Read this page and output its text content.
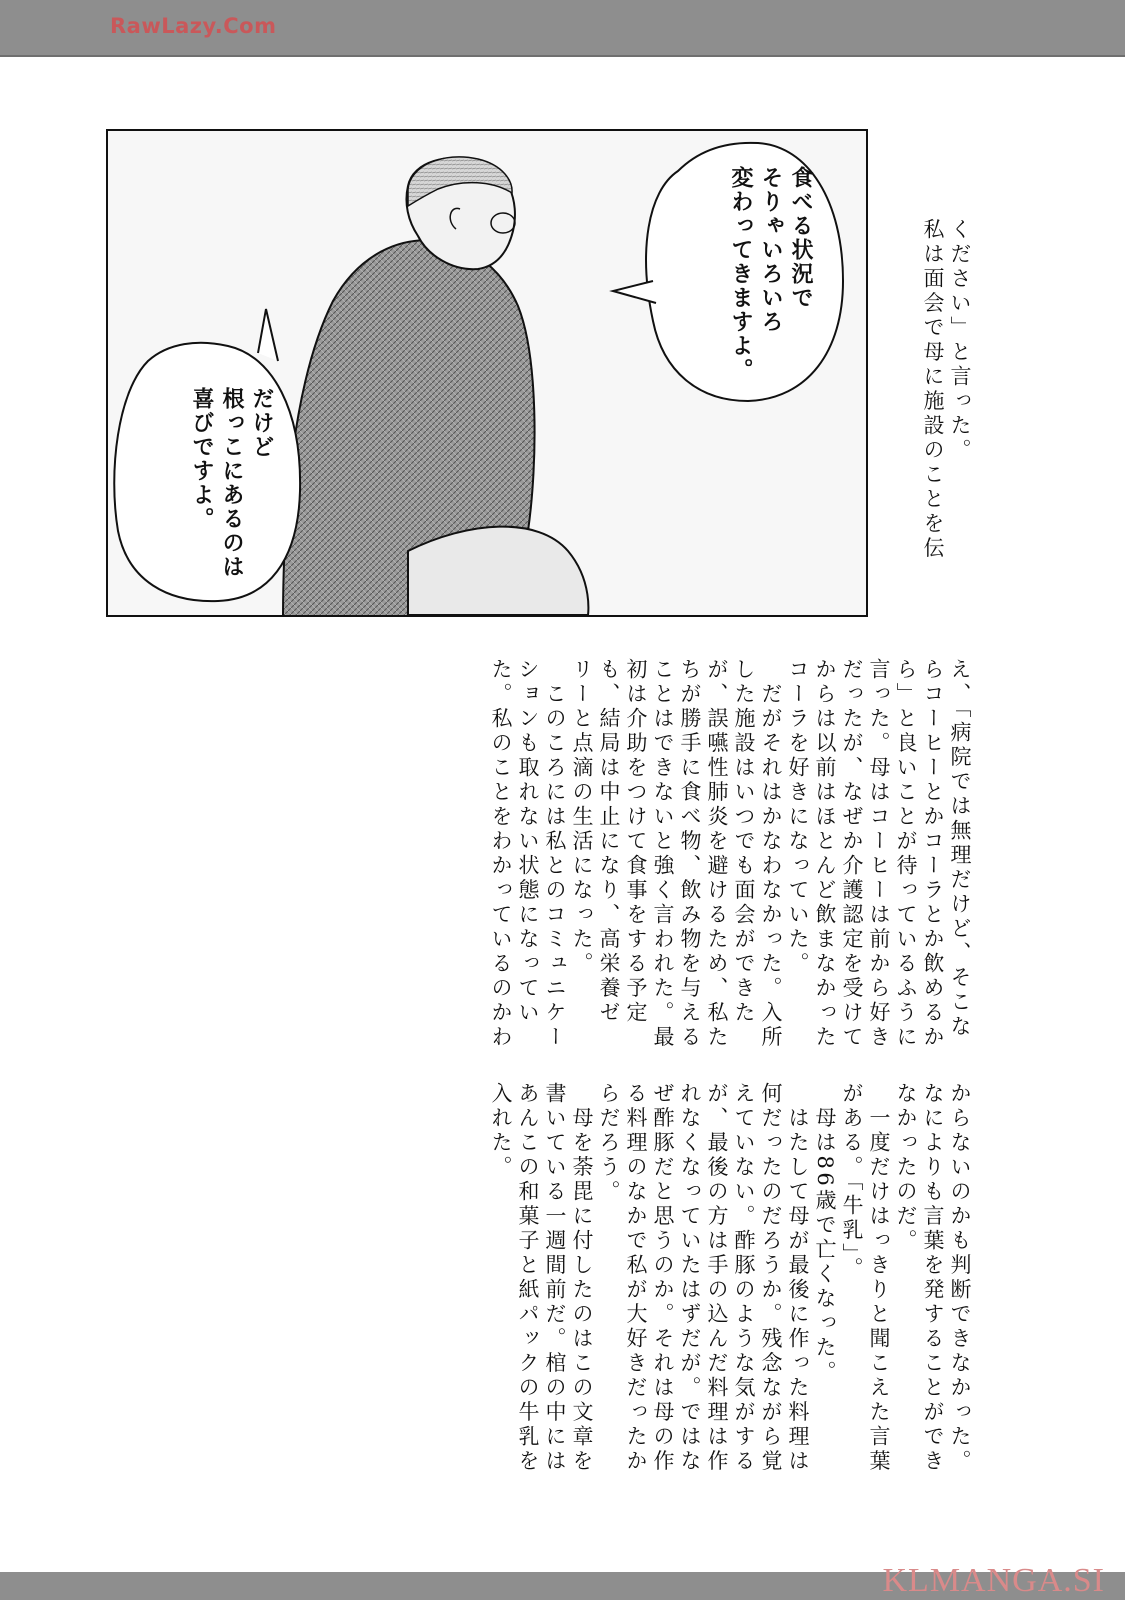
RawLazy.Com
食べる状況で
そりゃいろいろ
変わってきますよ。
だけど
根っこにあるのは
喜びですよ。	ください」と言った。
私は面会で母に施設のことを伝
え、「病院では無理だけど、そこな
らコーヒーとかコーラとか飲めるか
ら」と良いことが待っているふうに
言った。母はコーヒーは前から好き
だったが、なぜか介護認定を受けて
からは以前はほとんど飲まなかった
コーラを好きになっていた。
　だがそれはかなわなかった。入所
した施設はいつでも面会ができた
が、誤嚥性肺炎を避けるため、私た
ちが勝手に食べ物、飲み物を与える
ことはできないと強く言われた。最
初は介助をつけて食事をする予定
も、結局は中止になり、高栄養ゼ
リーと点滴の生活になった。
　このころには私とのコミュニケー
ションも取れない状態になってい
た。私のことをわかっているのかわ
からないのかも判断できなかった。
なによりも言葉を発することができ
なかったのだ。
　一度だけはっきりと聞こえた言葉
がある。「牛乳」。
　母は86歳で亡くなった。
　はたして母が最後に作った料理は
何だったのだろうか。残念ながら覚
えていない。酢豚のような気がする
が、最後の方は手の込んだ料理は作
れなくなっていたはずだが。ではな
ぜ酢豚だと思うのか。それは母の作
る料理のなかで私が大好きだったか
らだろう。
　母を荼毘に付したのはこの文章を
書いている一週間前だ。棺の中には
あんこの和菓子と紙パックの牛乳を
入れた。
KLMANGA.SI
